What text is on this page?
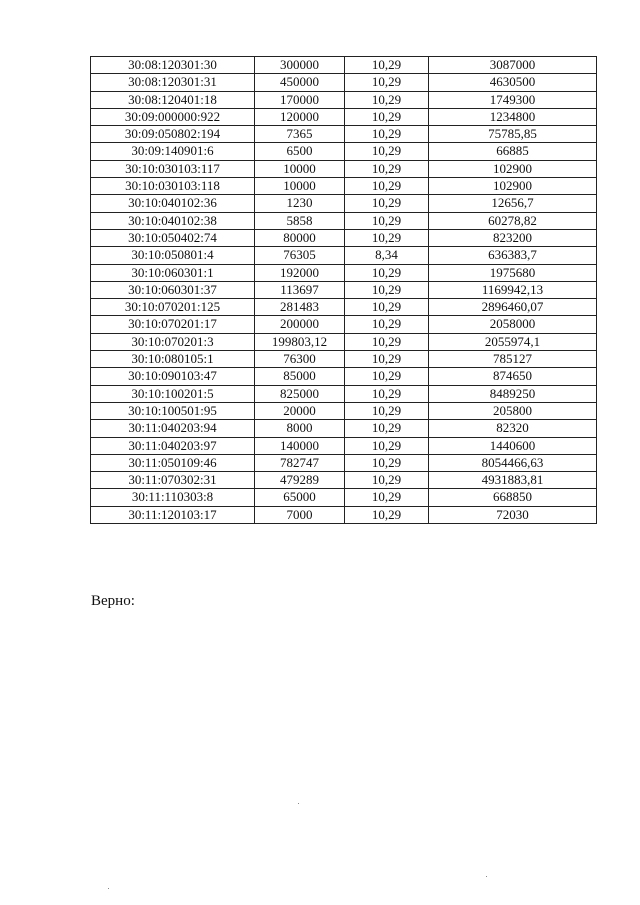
30:08:120301:30	300000	10,29	3087000
30:08:120301:31	450000	10,29	4630500
30:08:120401:18	170000	10,29	1749300
30:09:000000:922	120000	10,29	1234800
30:09:050802:194	7365	10,29	75785,85
30:09:140901:6	6500	10,29	66885
30:10:030103:117	10000	10,29	102900
30:10:030103:118	10000	10,29	102900
30:10:040102:36	1230	10,29	12656,7
30:10:040102:38	5858	10,29	60278,82
30:10:050402:74	80000	10,29	823200
30:10:050801:4	76305	8,34	636383,7
30:10:060301:1	192000	10,29	1975680
30:10:060301:37	113697	10,29	1169942,13
30:10:070201:125	281483	10,29	2896460,07
30:10:070201:17	200000	10,29	2058000
30:10:070201:3	199803,12	10,29	2055974,1
30:10:080105:1	76300	10,29	785127
30:10:090103:47	85000	10,29	874650
30:10:100201:5	825000	10,29	8489250
30:10:100501:95	20000	10,29	205800
30:11:040203:94	8000	10,29	82320
30:11:040203:97	140000	10,29	1440600
30:11:050109:46	782747	10,29	8054466,63
30:11:070302:31	479289	10,29	4931883,81
30:11:110303:8	65000	10,29	668850
30:11:120103:17	7000	10,29	72030
Верно:
